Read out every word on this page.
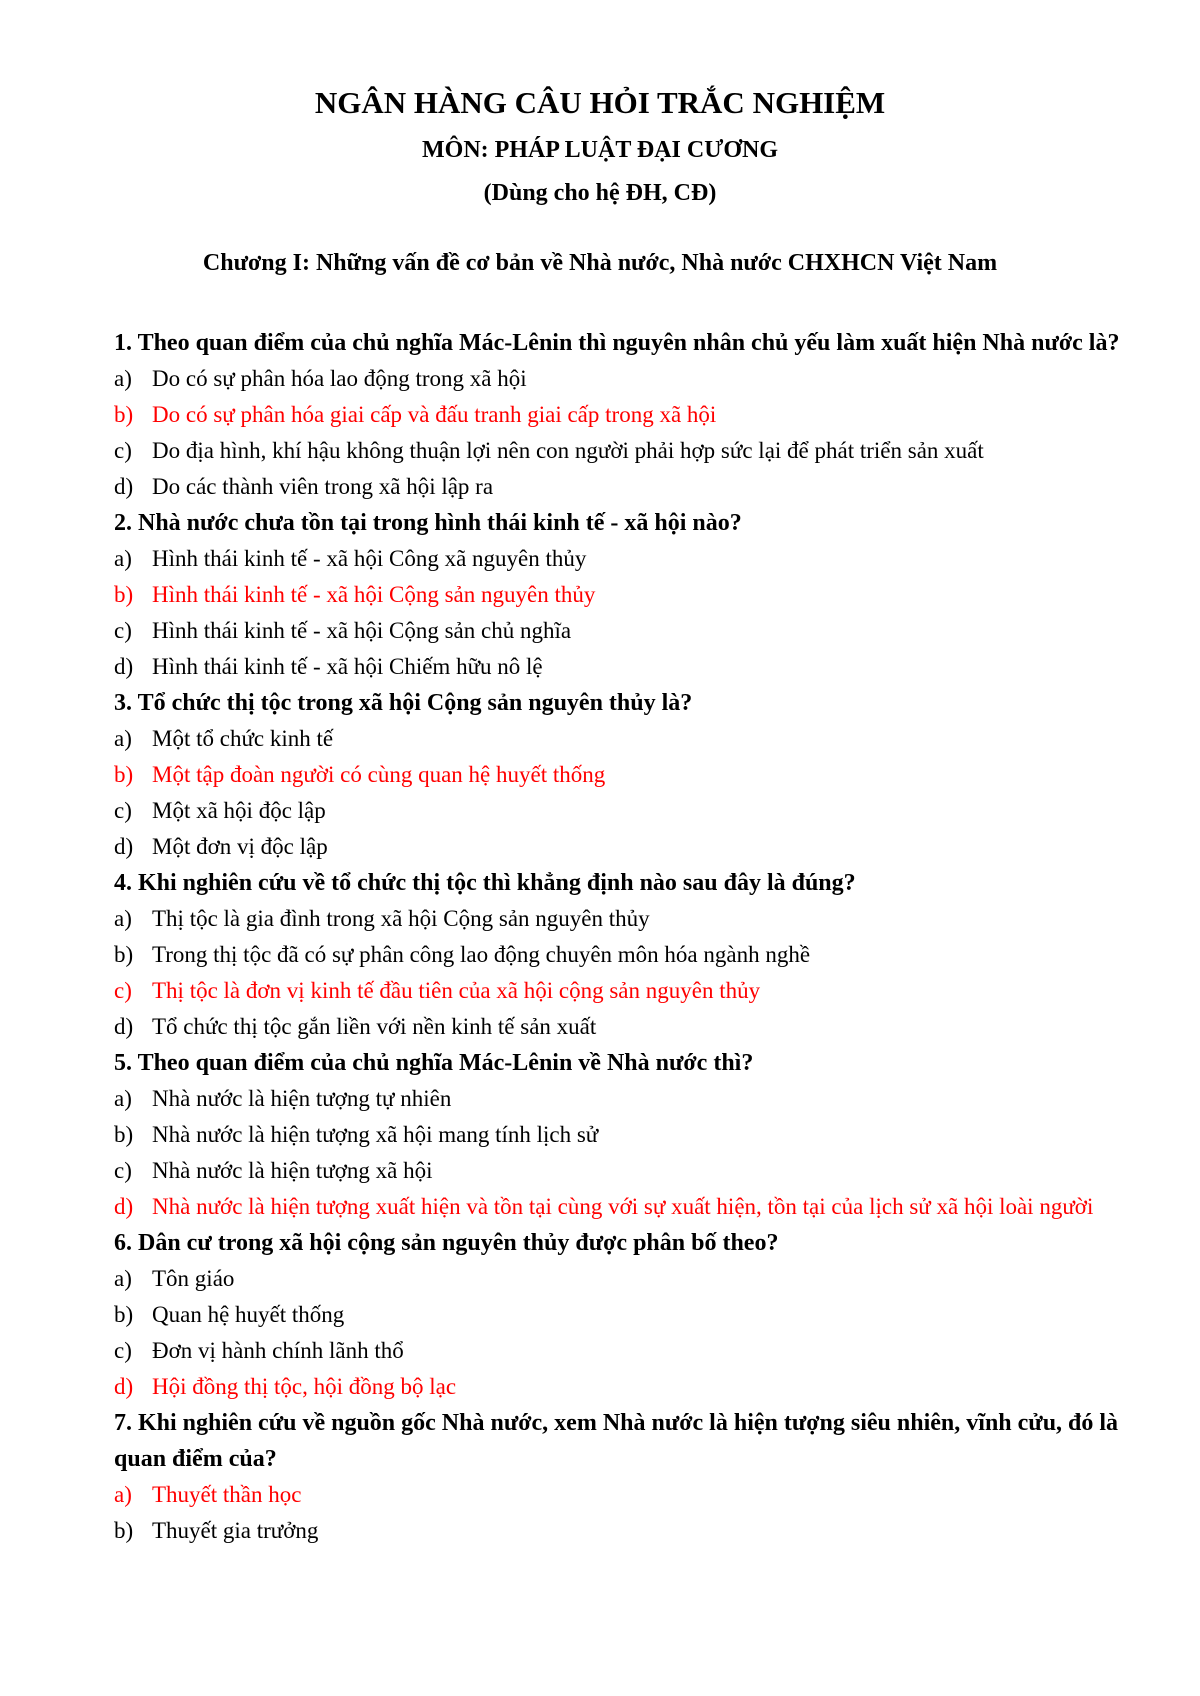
NGÂN HÀNG CÂU HỎI TRẮC NGHIỆM
MÔN: PHÁP LUẬT ĐẠI CƯƠNG
(Dùng cho hệ ĐH, CĐ)
Chương I: Những vấn đề cơ bản về Nhà nước, Nhà nước CHXHCN Việt Nam
1. Theo quan điểm của chủ nghĩa Mác-Lênin thì nguyên nhân chủ yếu làm xuất hiện Nhà nước là?
a) Do có sự phân hóa lao động trong xã hội
b) Do có sự phân hóa giai cấp và đấu tranh giai cấp trong xã hội
c) Do địa hình, khí hậu không thuận lợi nên con người phải hợp sức lại để phát triển sản xuất
d) Do các thành viên trong xã hội lập ra
2. Nhà nước chưa tồn tại trong hình thái kinh tế - xã hội nào?
a) Hình thái kinh tế - xã hội Công xã nguyên thủy
b) Hình thái kinh tế - xã hội Cộng sản nguyên thủy
c) Hình thái kinh tế - xã hội Cộng sản chủ nghĩa
d) Hình thái kinh tế - xã hội Chiếm hữu nô lệ
3. Tổ chức thị tộc trong xã hội Cộng sản nguyên thủy là?
a) Một tổ chức kinh tế
b) Một tập đoàn người có cùng quan hệ huyết thống
c) Một xã hội độc lập
d) Một đơn vị độc lập
4. Khi nghiên cứu về tổ chức thị tộc thì khẳng định nào sau đây là đúng?
a) Thị tộc là gia đình trong xã hội Cộng sản nguyên thủy
b) Trong thị tộc đã có sự phân công lao động chuyên môn hóa ngành nghề
c) Thị tộc là đơn vị kinh tế đầu tiên của xã hội cộng sản nguyên thủy
d) Tổ chức thị tộc gắn liền với nền kinh tế sản xuất
5. Theo quan điểm của chủ nghĩa Mác-Lênin về Nhà nước thì?
a) Nhà nước là hiện tượng tự nhiên
b) Nhà nước là hiện tượng xã hội mang tính lịch sử
c) Nhà nước là hiện tượng xã hội
d) Nhà nước là hiện tượng xuất hiện và tồn tại cùng với sự xuất hiện, tồn tại của lịch sử xã hội loài người
6. Dân cư trong xã hội cộng sản nguyên thủy được phân bố theo?
a) Tôn giáo
b) Quan hệ huyết thống
c) Đơn vị hành chính lãnh thổ
d) Hội đồng thị tộc, hội đồng bộ lạc
7. Khi nghiên cứu về nguồn gốc Nhà nước, xem Nhà nước là hiện tượng siêu nhiên, vĩnh cửu, đó là quan điểm của?
a) Thuyết thần học
b) Thuyết gia trưởng
